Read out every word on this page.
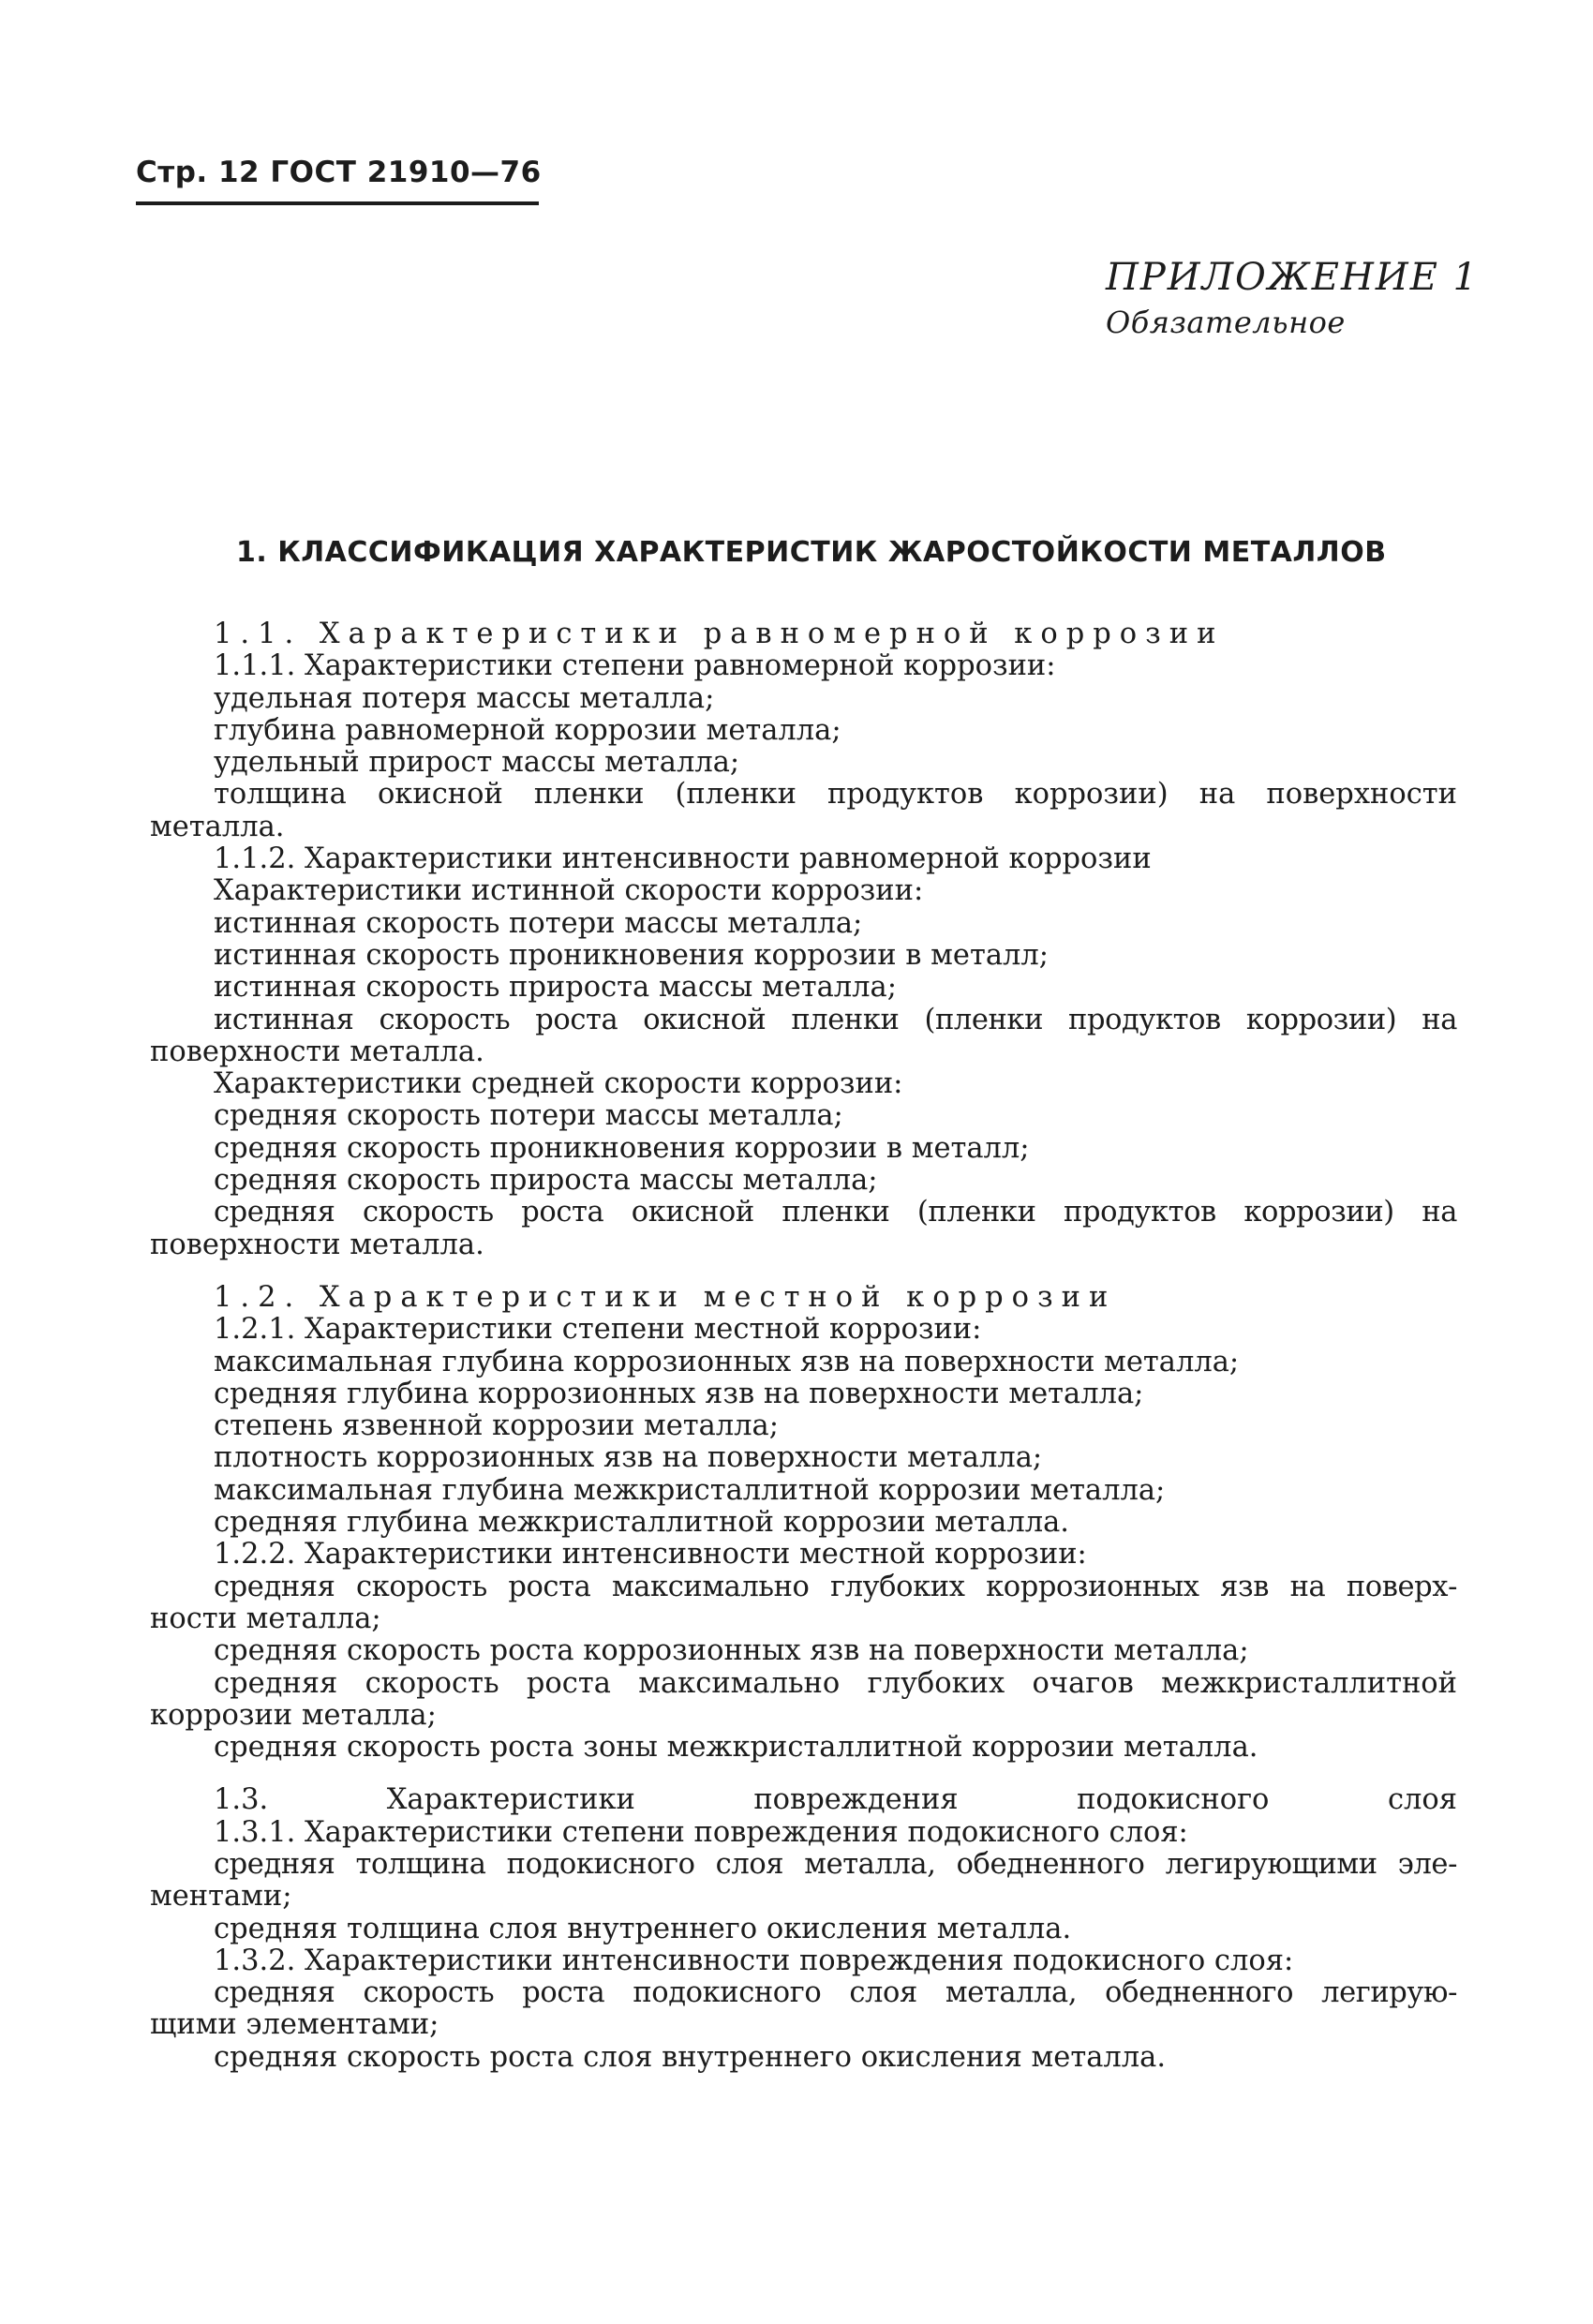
Стр. 12 ГОСТ 21910—76
ПРИЛОЖЕНИЕ 1
Обязательное
1. КЛАССИФИКАЦИЯ ХАРАКТЕРИСТИК ЖАРОСТОЙКОСТИ МЕТАЛЛОВ

1.1. Характеристики равномерной коррозии

1.1.1. Характеристики степени равномерной коррозии:

удельная потеря массы металла;

глубина равномерной коррозии металла;

удельный прирост массы металла;

толщина окисной пленки (пленки продуктов коррозии) на поверхности

металла.

1.1.2. Характеристики интенсивности равномерной коррозии

Характеристики истинной скорости коррозии:

истинная скорость потери массы металла;

истинная скорость проникновения коррозии в металл;

истинная скорость прироста массы металла;

истинная скорость роста окисной пленки (пленки продуктов коррозии) на

поверхности металла.

Характеристики средней скорости коррозии:

средняя скорость потери массы металла;

средняя скорость проникновения коррозии в металл;

средняя скорость прироста массы металла;

средняя скорость роста окисной пленки (пленки продуктов коррозии) на

поверхности металла.

1.2. Характеристики местной коррозии

1.2.1. Характеристики степени местной коррозии:

максимальная глубина коррозионных язв на поверхности металла;

средняя глубина коррозионных язв на поверхности металла;

степень язвенной коррозии металла;

плотность коррозионных язв на поверхности металла;

максимальная глубина межкристаллитной коррозии металла;

средняя глубина межкристаллитной коррозии металла.

1.2.2. Характеристики интенсивности местной коррозии:

средняя скорость роста максимально глубоких коррозионных язв на поверх-

ности металла;

средняя скорость роста коррозионных язв на поверхности металла;

средняя скорость роста максимально глубоких очагов межкристаллитной

коррозии металла;

средняя скорость роста зоны межкристаллитной коррозии металла.

1.3. Характеристики повреждения подокисного слоя

1.3.1. Характеристики степени повреждения подокисного слоя:

средняя толщина подокисного слоя металла, обедненного легирующими эле-

ментами;

средняя толщина слоя внутреннего окисления металла.

1.3.2. Характеристики интенсивности повреждения подокисного слоя:

средняя скорость роста подокисного слоя металла, обедненного легирую-

щими элементами;

средняя скорость роста слоя внутреннего окисления металла.
